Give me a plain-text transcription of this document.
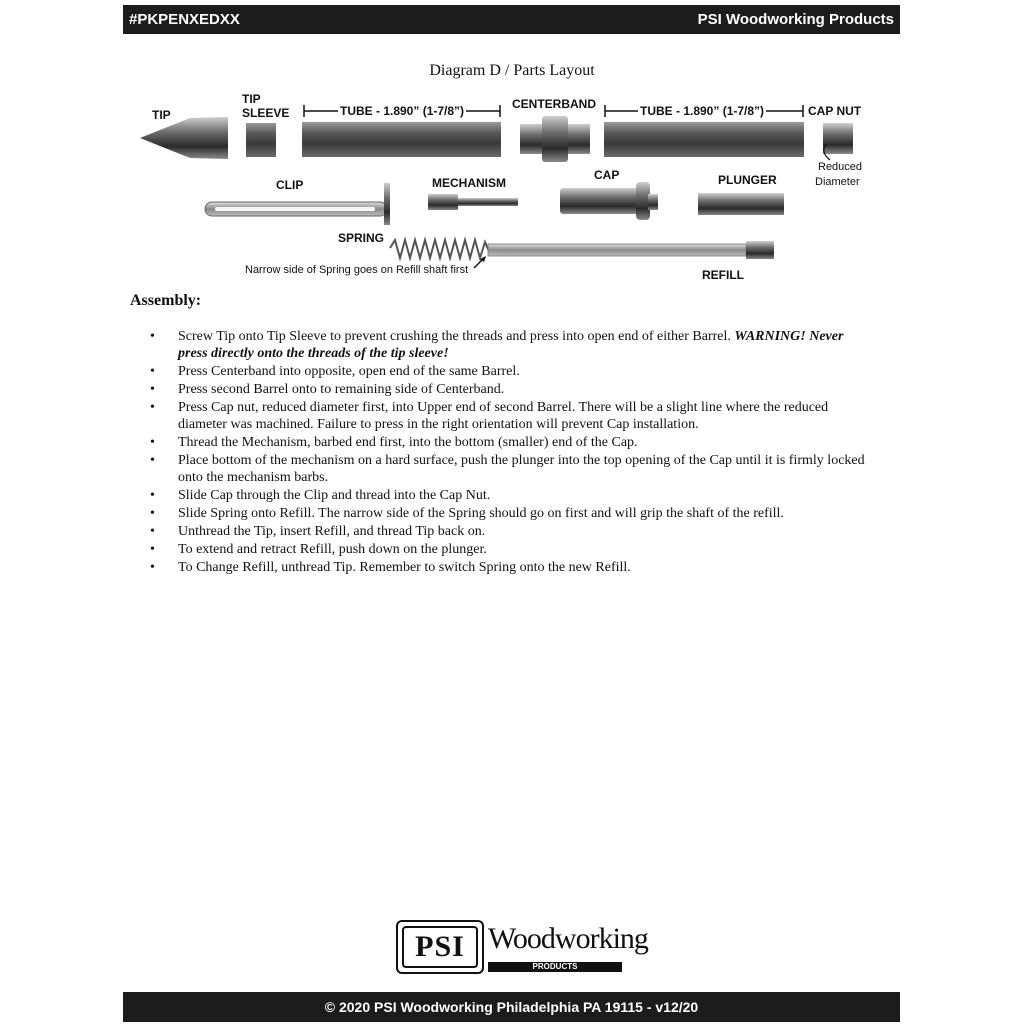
#PKPENXEDXX	PSI Woodworking Products
Diagram D / Parts Layout
TIP
TIP
SLEEVE	TUBE - 1.890” (1-7/8”)	CENTERBAND	TUBE - 1.890” (1-7/8”)	CAP NUT
Reduced
Diameter
CLIP	MECHANISM
CAP	PLUNGER
SPRING
Narrow side of Spring goes on Refill shaft first	REFILL
Assembly:
• Screw Tip onto Tip Sleeve to prevent crushing the threads and press into open end of either Barrel. WARNING! Never press directly onto the threads of the tip sleeve!
• Press Centerband into opposite, open end of the same Barrel.
• Press second Barrel onto to remaining side of Centerband.
• Press Cap nut, reduced diameter first, into Upper end of second Barrel. There will be a slight line where the reduced diameter was machined. Failure to press in the right orientation will prevent Cap installation.
• Thread the Mechanism, barbed end first, into the bottom (smaller) end of the Cap.
• Place bottom of the mechanism on a hard surface, push the plunger into the top opening of the Cap until it is firmly locked onto the mechanism barbs.
• Slide Cap through the Clip and thread into the Cap Nut.
• Slide Spring onto Refill. The narrow side of the Spring should go on first and will grip the shaft of the refill.
• Unthread the Tip, insert Refill, and thread Tip back on.
• To extend and retract Refill, push down on the plunger.
• To Change Refill, unthread Tip. Remember to switch Spring onto the new Refill.
PSI Woodworking
PRODUCTS
© 2020 PSI Woodworking Philadelphia PA 19115 - v12/20
